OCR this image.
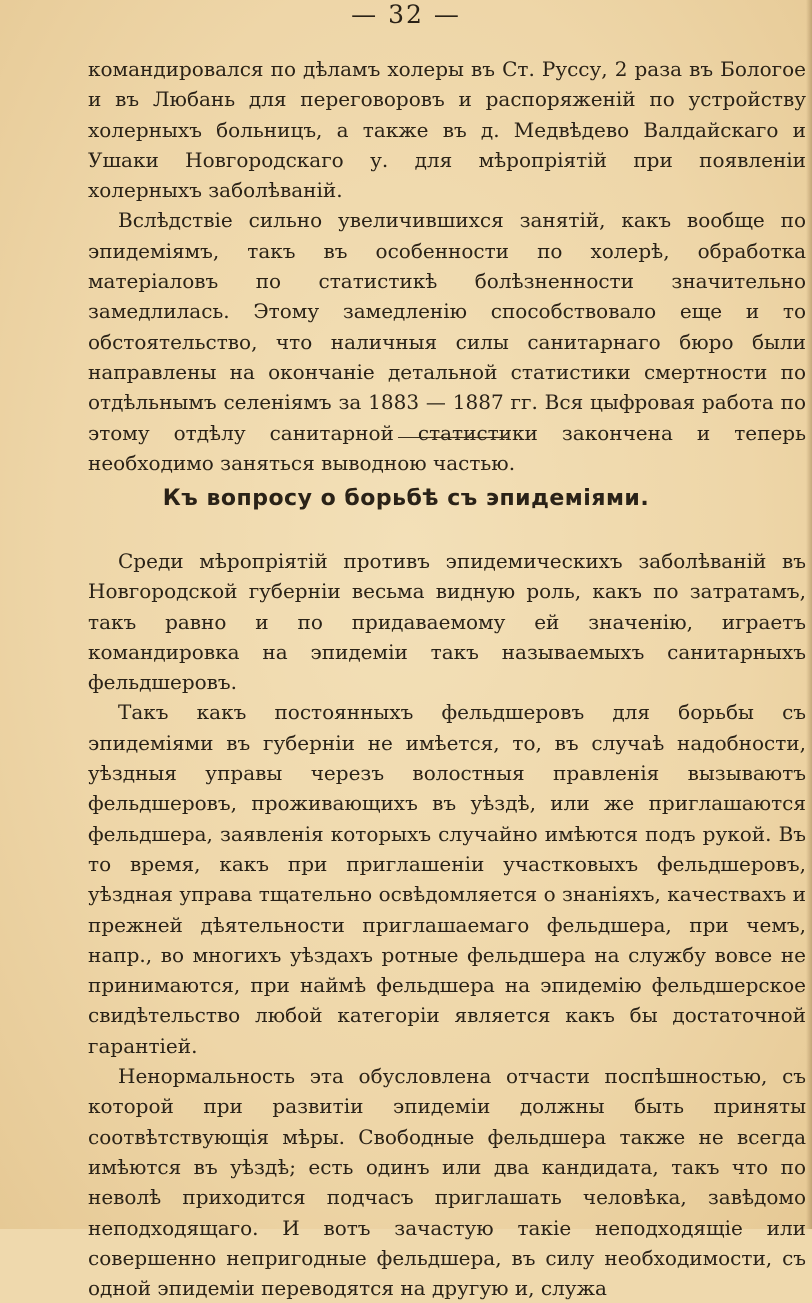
— 32 —

командировался по дѣламъ холеры въ Ст. Руссу, 2 раза въ Бологое и въ Любань для переговоровъ и распоряженій по устройству холерныхъ больницъ, а также въ д. Медвѣдево Валдайскаго и Ушаки Новгородскаго у. для мѣропріятій при появленіи холерныхъ заболѣваній.

Вслѣдствіе сильно увеличившихся занятій, какъ вообще по эпидеміямъ, такъ въ особенности по холерѣ, обработка матеріаловъ по статистикѣ болѣзненности значительно замедлилась. Этому замедленію способствовало еще и то обстоятельство, что наличныя силы санитарнаго бюро были направлены на окончаніе детальной статистики смертности по отдѣльнымъ селеніямъ за 1883 — 1887 гг. Вся цыфровая работа по этому отдѣлу санитарной статистики закончена и теперь необходимо заняться выводною частью.

Къ вопросу о борьбѣ съ эпидеміями.

Среди мѣропріятій противъ эпидемическихъ заболѣваній въ Новгородской губерніи весьма видную роль, какъ по затратамъ, такъ равно и по придаваемому ей значенію, играетъ командировка на эпидеміи такъ называемыхъ санитарныхъ фельдшеровъ.

Такъ какъ постоянныхъ фельдшеровъ для борьбы съ эпидеміями въ губерніи не имѣется, то, въ случаѣ надобности, уѣздныя управы черезъ волостныя правленія вызываютъ фельдшеровъ, проживающихъ въ уѣздѣ, или же приглашаются фельдшера, заявленія которыхъ случайно имѣются подъ рукой. Въ то время, какъ при приглашеніи участковыхъ фельдшеровъ, уѣздная управа тщательно освѣдомляется о знаніяхъ, качествахъ и прежней дѣятельности приглашаемаго фельдшера, при чемъ, напр., во многихъ уѣздахъ ротные фельдшера на службу вовсе не принимаются, при наймѣ фельдшера на эпидемію фельдшерское свидѣтельство любой категоріи является какъ бы достаточной гарантіей.

Ненормальность эта обусловлена отчасти поспѣшностью, съ которой при развитіи эпидеміи должны быть приняты соотвѣтствующія мѣры. Свободные фельдшера также не всегда имѣются въ уѣздѣ; есть одинъ или два кандидата, такъ что по неволѣ приходится подчасъ приглашать человѣка, завѣдомо неподходящаго. И вотъ зачастую такіе неподходящіе или совершенно непригодные фельдшера, въ силу необходимости, съ одной эпидеміи переводятся на другую и, служа
